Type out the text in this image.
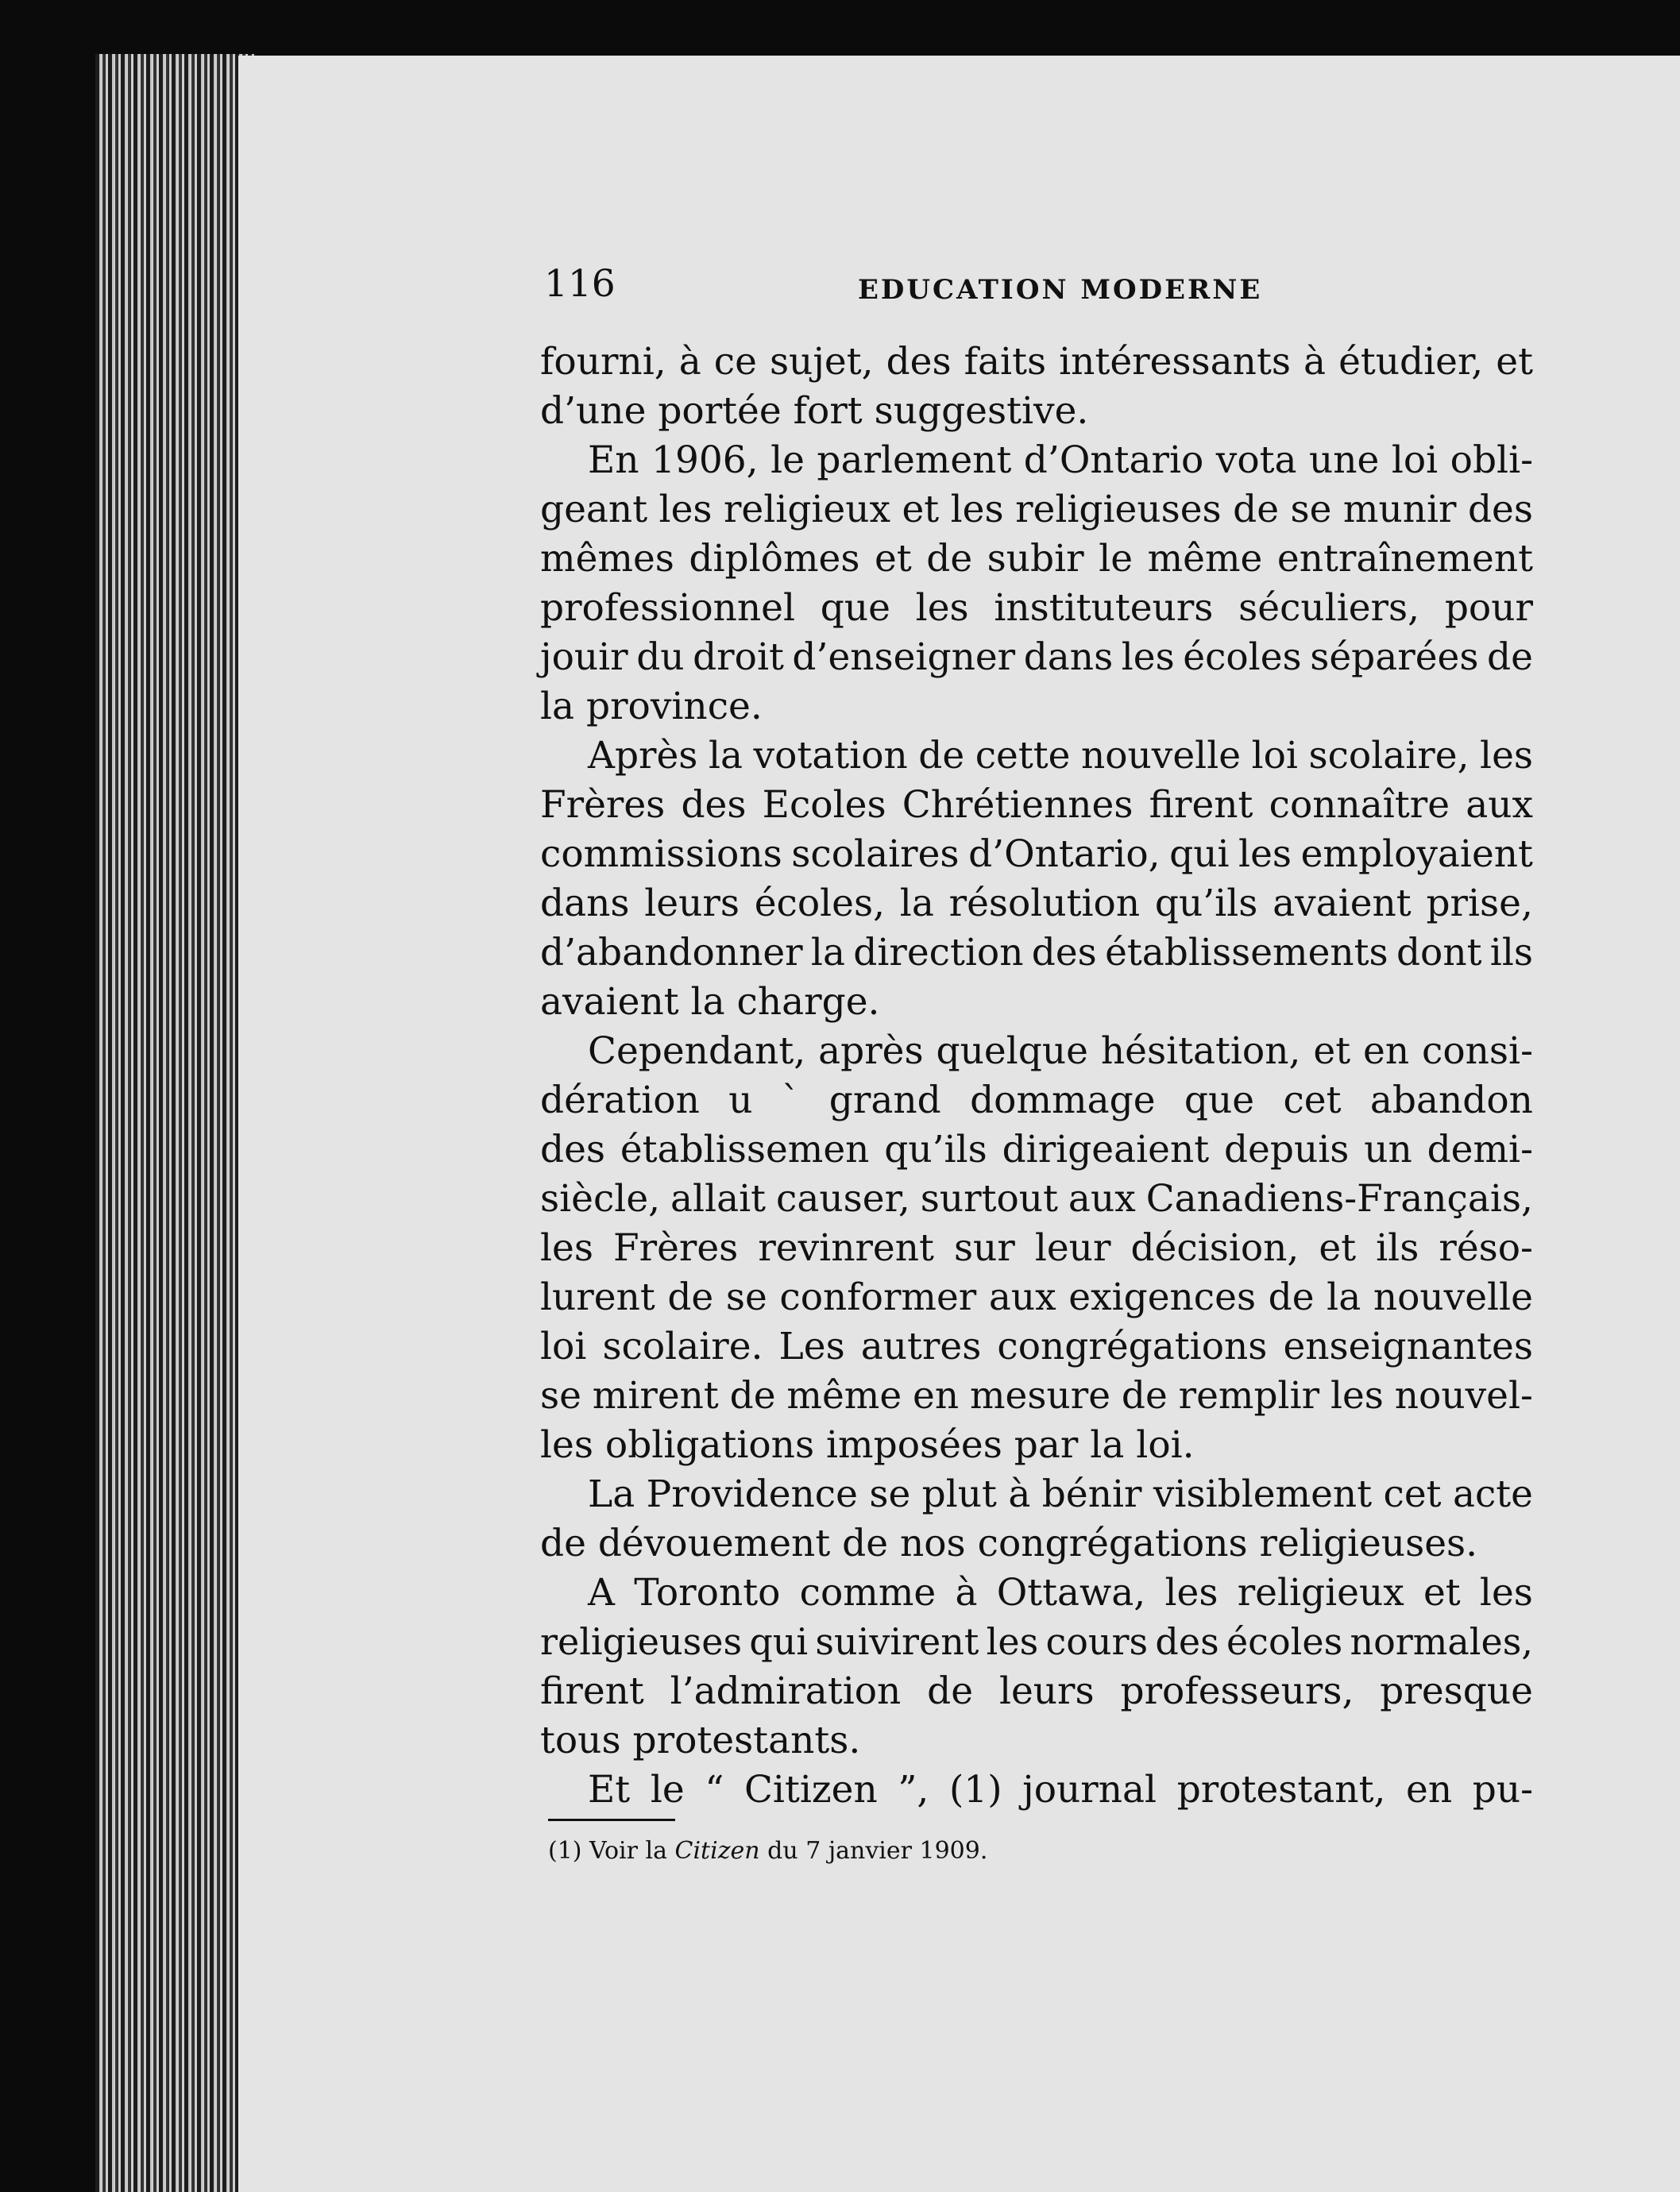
116	EDUCATION MODERNE

fourni, à ce sujet, des faits intéressants à étudier, et

d’une portée fort suggestive.

En 1906, le parlement d’Ontario vota une loi obli-

geant les religieux et les religieuses de se munir des

mêmes diplômes et de subir le même entraînement

professionnel que les instituteurs séculiers, pour

jouir du droit d’enseigner dans les écoles séparées de

la province.

Après la votation de cette nouvelle loi scolaire, les

Frères des Ecoles Chrétiennes firent connaître aux

commissions scolaires d’Ontario, qui les employaient

dans leurs écoles, la résolution qu’ils avaient prise,

d’abandonner la direction des établissements dont ils

avaient la charge.

Cependant, après quelque hésitation, et en consi-

dération u ` grand dommage que cet abandon

des établissemen qu’ils dirigeaient depuis un demi-

siècle, allait causer, surtout aux Canadiens-Français,

les Frères revinrent sur leur décision, et ils réso-

lurent de se conformer aux exigences de la nouvelle

loi scolaire. Les autres congrégations enseignantes

se mirent de même en mesure de remplir les nouvel-

les obligations imposées par la loi.

La Providence se plut à bénir visiblement cet acte

de dévouement de nos congrégations religieuses.

A Toronto comme à Ottawa, les religieux et les

religieuses qui suivirent les cours des écoles normales,

firent l’admiration de leurs professeurs, presque

tous protestants.

Et le “ Citizen ”, (1) journal protestant, en pu-

(1) Voir la Citizen du 7 janvier 1909.
